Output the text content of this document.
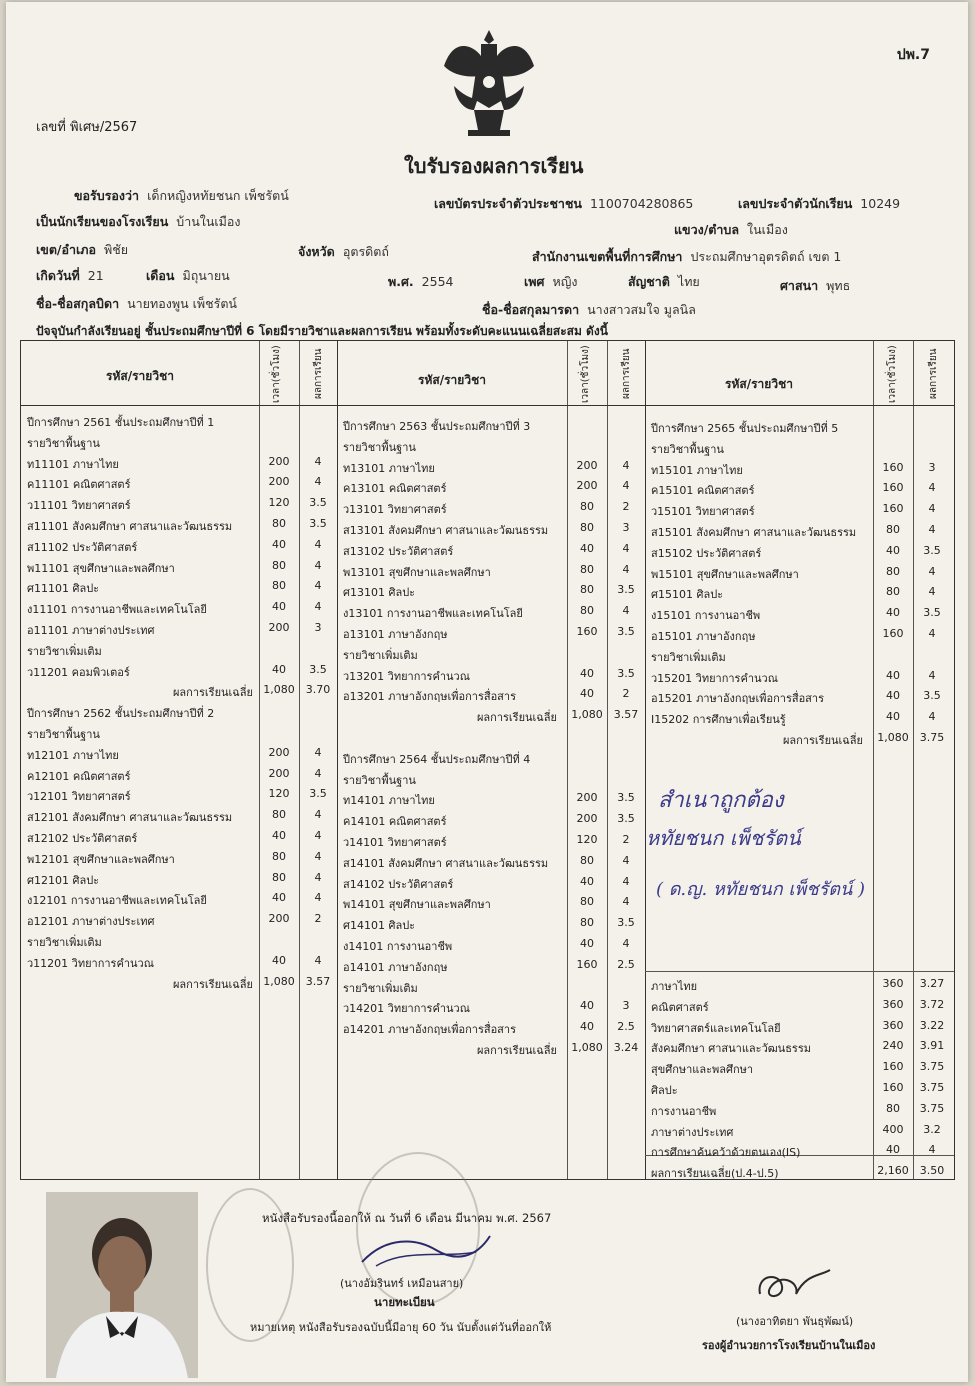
ปพ.7
เลขที่ พิเศษ/2567
ใบรับรองผลการเรียน
ขอรับรองว่า เด็กหญิงหทัยชนก เพ็ชรัตน์
เลขบัตรประจำตัวประชาชน 1100704280865	เลขประจำตัวนักเรียน 10249
เป็นนักเรียนของโรงเรียน บ้านในเมือง
แขวง/ตำบล ในเมือง
เขต/อำเภอ พิชัย	จังหวัด อุตรดิตถ์	สำนักงานเขตพื้นที่การศึกษา ประถมศึกษาอุตรดิตถ์ เขต 1
เกิดวันที่ 21	เดือน มิถุนายน	พ.ศ. 2554	เพศ หญิง	สัญชาติ ไทย	ศาสนา พุทธ
ชื่อ-ชื่อสกุลบิดา นายทองพูน เพ็ชรัตน์	ชื่อ-ชื่อสกุลมารดา นางสาวสมใจ มูลนิล
ปัจจุบันกำลังเรียนอยู่ ชั้นประถมศึกษาปีที่ 6 โดยมีรายวิชาและผลการเรียน พร้อมทั้งระดับคะแนนเฉลี่ยสะสม ดังนี้
รหัส/รายวิชา	เวลา(ชั่วโมง)	ผลการเรียน	รหัส/รายวิชา	เวลา(ชั่วโมง)	ผลการเรียน	รหัส/รายวิชา	เวลา(ชั่วโมง)	ผลการเรียน
ปีการศึกษา 2561 ชั้นประถมศึกษาปีที่ 1
รายวิชาพื้นฐาน
ท11101 ภาษาไทย	200	4
ค11101 คณิตศาสตร์	200	4
ว11101 วิทยาศาสตร์	120	3.5
ส11101 สังคมศึกษา ศาสนาและวัฒนธรรม	80	3.5
ส11102 ประวัติศาสตร์	40	4
พ11101 สุขศึกษาและพลศึกษา	80	4
ศ11101 ศิลปะ	80	4
ง11101 การงานอาชีพและเทคโนโลยี	40	4
อ11101 ภาษาต่างประเทศ	200	3
รายวิชาเพิ่มเติม
ว11201 คอมพิวเตอร์	40	3.5
ผลการเรียนเฉลี่ย 1,080	3.70
ปีการศึกษา 2562 ชั้นประถมศึกษาปีที่ 2
รายวิชาพื้นฐาน
ท12101 ภาษาไทย	200	4
ค12101 คณิตศาสตร์	200	4
ว12101 วิทยาศาสตร์	120	3.5
ส12101 สังคมศึกษา ศาสนาและวัฒนธรรม	80	4
ส12102 ประวัติศาสตร์	40	4
พ12101 สุขศึกษาและพลศึกษา	80	4
ศ12101 ศิลปะ	80	4
ง12101 การงานอาชีพและเทคโนโลยี	40	4
อ12101 ภาษาต่างประเทศ	200	2
รายวิชาเพิ่มเติม
ว11201 วิทยาการคำนวณ	40	4
ผลการเรียนเฉลี่ย 1,080	3.57
ปีการศึกษา 2563 ชั้นประถมศึกษาปีที่ 3
รายวิชาพื้นฐาน
ท13101 ภาษาไทย	200	4
ค13101 คณิตศาสตร์	200	4
ว13101 วิทยาศาสตร์	80	2
ส13101 สังคมศึกษา ศาสนาและวัฒนธรรม	80	3
ส13102 ประวัติศาสตร์	40	4
พ13101 สุขศึกษาและพลศึกษา	80	4
ศ13101 ศิลปะ	80	3.5
ง13101 การงานอาชีพและเทคโนโลยี	80	4
อ13101 ภาษาอังกฤษ	160	3.5
รายวิชาเพิ่มเติม
ว13201 วิทยาการคำนวณ	40	3.5
อ13201 ภาษาอังกฤษเพื่อการสื่อสาร	40	2
ผลการเรียนเฉลี่ย	1,080	3.57
ปีการศึกษา 2564 ชั้นประถมศึกษาปีที่ 4
รายวิชาพื้นฐาน
ท14101 ภาษาไทย	200	3.5
ค14101 คณิตศาสตร์	200	3.5
ว14101 วิทยาศาสตร์	120	2
ส14101 สังคมศึกษา ศาสนาและวัฒนธรรม	80	4
ส14102 ประวัติศาสตร์	40	4
พ14101 สุขศึกษาและพลศึกษา	80	4
ศ14101 ศิลปะ	80	3.5
ง14101 การงานอาชีพ	40	4
อ14101 ภาษาอังกฤษ	160	2.5
รายวิชาเพิ่มเติม
ว14201 วิทยาการคำนวณ	40	3
อ14201 ภาษาอังกฤษเพื่อการสื่อสาร	40	2.5
ผลการเรียนเฉลี่ย	1,080	3.24
ปีการศึกษา 2565 ชั้นประถมศึกษาปีที่ 5
รายวิชาพื้นฐาน
ท15101 ภาษาไทย	160	3
ค15101 คณิตศาสตร์	160	4
ว15101 วิทยาศาสตร์	160	4
ส15101 สังคมศึกษา ศาสนาและวัฒนธรรม	80	4
ส15102 ประวัติศาสตร์	40	3.5
พ15101 สุขศึกษาและพลศึกษา	80	4
ศ15101 ศิลปะ	80	4
ง15101 การงานอาชีพ	40	3.5
อ15101 ภาษาอังกฤษ	160	4
รายวิชาเพิ่มเติม
ว15201 วิทยาการคำนวณ	40	4
อ15201 ภาษาอังกฤษเพื่อการสื่อสาร	40	3.5
I15202 การศึกษาเพื่อเรียนรู้	40	4
ผลการเรียนเฉลี่ย	1,080	3.75
ภาษาไทย	360	3.27
คณิตศาสตร์	360	3.72
วิทยาศาสตร์และเทคโนโลยี	360	3.22
สังคมศึกษา ศาสนาและวัฒนธรรม	240	3.91
สุขศึกษาและพลศึกษา	160	3.75
ศิลปะ	160	3.75
การงานอาชีพ	80	3.75
ภาษาต่างประเทศ	400	3.2
การศึกษาค้นคว้าด้วยตนเอง(IS)	40	4
ผลการเรียนเฉลี่ย(ป.4-ป.5)	2,160	3.50
สำเนาถูกต้อง
หทัยชนก เพ็ชรัตน์
( ด.ญ. หทัยชนก เพ็ชรัตน์ )
หนังสือรับรองนี้ออกให้ ณ วันที่ 6 เดือน มีนาคม พ.ศ. 2567
(นางอัมรินทร์ เหมือนสาย)
นายทะเบียน
หมายเหตุ หนังสือรับรองฉบับนี้มีอายุ 60 วัน นับตั้งแต่วันที่ออกให้	(นางอาทิตยา พันธุพัฒน์)
รองผู้อำนวยการโรงเรียนบ้านในเมือง
